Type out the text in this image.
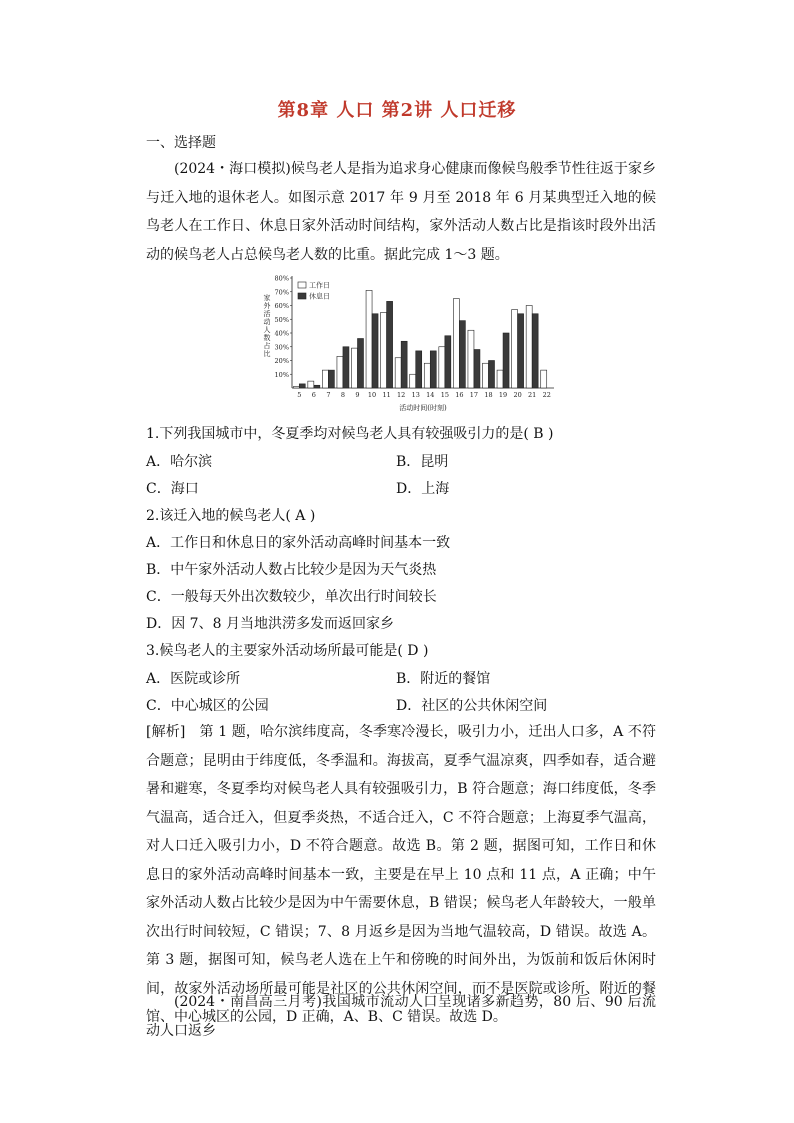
第8章 人口 第2讲 人口迁移
一、选择题
(2024・海口模拟)候鸟老人是指为追求身心健康而像候鸟般季节性往返于家乡与迁入地的退休老人。如图示意 2017 年 9 月至 2018 年 6 月某典型迁入地的候鸟老人在工作日、休息日家外活动时间结构，家外活动人数占比是指该时段外出活动的候鸟老人占总候鸟老人数的比重。据此完成 1～3 题。
10%
20%
30%
40%
50%
60%
70%
80%
5 6 7 8 9 10 11 12 13 14 15 16 17 18 19 20 21 22
活动时间(时刻)
家
外
活
动
人
数
占
比
工作日
休息日
1.下列我国城市中，冬夏季均对候鸟老人具有较强吸引力的是( B )
A．哈尔滨	B．昆明
C．海口	D．上海
2.该迁入地的候鸟老人( A )
A．工作日和休息日的家外活动高峰时间基本一致
B．中午家外活动人数占比较少是因为天气炎热
C．一般每天外出次数较少，单次出行时间较长
D．因 7、8 月当地洪涝多发而返回家乡
3.候鸟老人的主要家外活动场所最可能是( D )
A．医院或诊所	B．附近的餐馆
C．中心城区的公园	D．社区的公共休闲空间
[解析]　第 1 题，哈尔滨纬度高，冬季寒冷漫长，吸引力小，迁出人口多，A 不符合题意；昆明由于纬度低，冬季温和。海拔高，夏季气温凉爽，四季如春，适合避暑和避寒，冬夏季均对候鸟老人具有较强吸引力，B 符合题意；海口纬度低，冬季气温高，适合迁入，但夏季炎热，不适合迁入，C 不符合题意；上海夏季气温高，对人口迁入吸引力小，D 不符合题意。故选 B。第 2 题，据图可知，工作日和休息日的家外活动高峰时间基本一致，主要是在早上 10 点和 11 点，A 正确；中午家外活动人数占比较少是因为中午需要休息，B 错误；候鸟老人年龄较大，一般单次出行时间较短，C 错误；7、8 月返乡是因为当地气温较高，D 错误。故选 A。第 3 题，据图可知，候鸟老人选在上午和傍晚的时间外出，为饭前和饭后休闲时间，故家外活动场所最可能是社区的公共休闲空间，而不是医院或诊所、附近的餐馆、中心城区的公园，D 正确，A、B、C 错误。故选 D。
(2024・南昌高三月考)我国城市流动人口呈现诸多新趋势，80 后、90 后流动人口返乡
